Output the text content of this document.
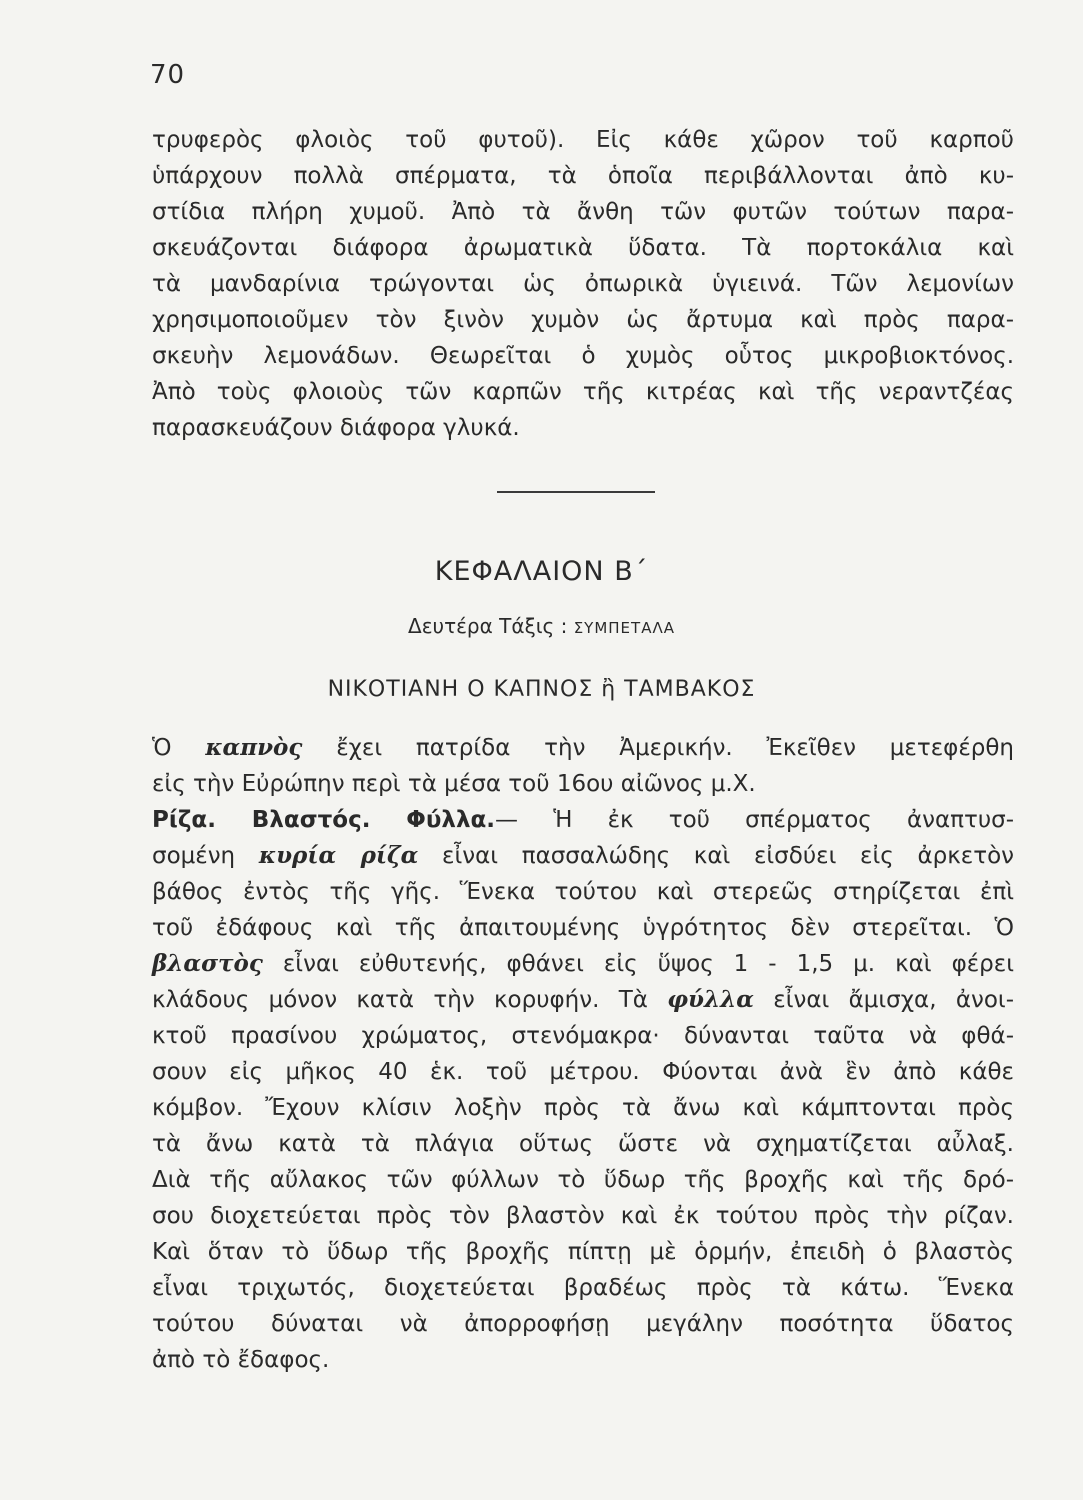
70
τρυφερὸς φλοιὸς τοῦ φυτοῦ). Εἰς κάθε χῶρον τοῦ καρποῦ
ὑπάρχουν πολλὰ σπέρματα, τὰ ὁποῖα περιβάλλονται ἀπὸ κυ-
στίδια πλήρη χυμοῦ. Ἀπὸ τὰ ἄνθη τῶν φυτῶν τούτων παρα-
σκευάζονται διάφορα ἀρωματικὰ ὕδατα. Τὰ πορτοκάλια καὶ
τὰ μανδαρίνια τρώγονται ὡς ὀπωρικὰ ὑγιεινά. Τῶν λεμονίων
χρησιμοποιοῦμεν τὸν ξινὸν χυμὸν ὡς ἄρτυμα καὶ πρὸς παρα-
σκευὴν λεμονάδων. Θεωρεῖται ὁ χυμὸς οὗτος μικροβιοκτόνος.
Ἀπὸ τοὺς φλοιοὺς τῶν καρπῶν τῆς κιτρέας καὶ τῆς νεραντζέας
παρασκευάζουν διάφορα γλυκά.
ΚΕΦΑΛΑΙΟΝ Β΄
Δευτέρα Τάξις : ΣΥΜΠΕΤΑΛΑ
ΝΙΚΟΤΙΑΝΗ Ο ΚΑΠΝΟΣ ἢ ΤΑΜΒΑΚΟΣ
Ὁ καπνὸς ἔχει πατρίδα τὴν Ἀμερικήν. Ἐκεῖθεν μετεφέρθη
εἰς τὴν Εὐρώπην περὶ τὰ μέσα τοῦ 16ου αἰῶνος μ.Χ.
Ρίζα. Βλαστός. Φύλλα.— Ἡ ἐκ τοῦ σπέρματος ἀναπτυσ-
σομένη κυρία ρίζα εἶναι πασσαλώδης καὶ εἰσδύει εἰς ἀρκετὸν
βάθος ἐντὸς τῆς γῆς. Ἕνεκα τούτου καὶ στερεῶς στηρίζεται ἐπὶ
τοῦ ἐδάφους καὶ τῆς ἀπαιτουμένης ὑγρότητος δὲν στερεῖται. Ὁ
βλαστὸς εἶναι εὐθυτενής, φθάνει εἰς ὕψος 1 - 1,5 μ. καὶ φέρει
κλάδους μόνον κατὰ τὴν κορυφήν. Τὰ φύλλα εἶναι ἄμισχα, ἀνοι-
κτοῦ πρασίνου χρώματος, στενόμακρα· δύνανται ταῦτα νὰ φθά-
σουν εἰς μῆκος 40 ἑκ. τοῦ μέτρου. Φύονται ἀνὰ ἓν ἀπὸ κάθε
κόμβον. Ἔχουν κλίσιν λοξὴν πρὸς τὰ ἄνω καὶ κάμπτονται πρὸς
τὰ ἄνω κατὰ τὰ πλάγια οὕτως ὥστε νὰ σχηματίζεται αὖλαξ.
Διὰ τῆς αὔλακος τῶν φύλλων τὸ ὕδωρ τῆς βροχῆς καὶ τῆς δρό-
σου διοχετεύεται πρὸς τὸν βλαστὸν καὶ ἐκ τούτου πρὸς τὴν ρίζαν.
Καὶ ὅταν τὸ ὕδωρ τῆς βροχῆς πίπτῃ μὲ ὁρμήν, ἐπειδὴ ὁ βλαστὸς
εἶναι τριχωτός, διοχετεύεται βραδέως πρὸς τὰ κάτω. Ἕνεκα
τούτου δύναται νὰ ἀπορροφήσῃ μεγάλην ποσότητα ὕδατος
ἀπὸ τὸ ἔδαφος.
